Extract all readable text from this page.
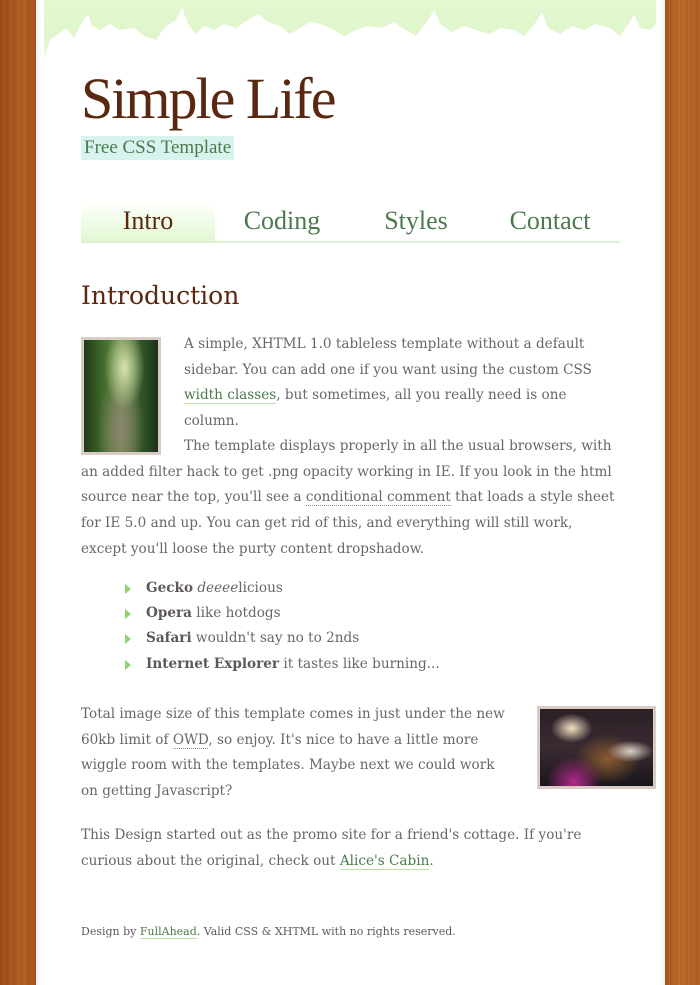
Simple Life
Free CSS Template
Intro	Coding	Styles	Contact
Introduction

A simple, XHTML 1.0 tableless template without a default sidebar. You can add one if you want using the custom CSS width classes, but sometimes, all you really need is one column.

The template displays properly in all the usual browsers, with an added filter hack to get .png opacity working in IE. If you look in the html source near the top, you'll see a conditional comment that loads a style sheet for IE 5.0 and up. You can get rid of this, and everything will still work, except you'll loose the purty content dropshadow.

Gecko deeeelicious
Opera like hotdogs
Safari wouldn't say no to 2nds
Internet Explorer it tastes like burning...

Total image size of this template comes in just under the new 60kb limit of OWD, so enjoy. It's nice to have a little more wiggle room with the templates. Maybe next we could work on getting Javascript?

This Design started out as the promo site for a friend's cottage. If you're curious about the original, check out Alice's Cabin.

Design by FullAhead. Valid CSS & XHTML with no rights reserved.
